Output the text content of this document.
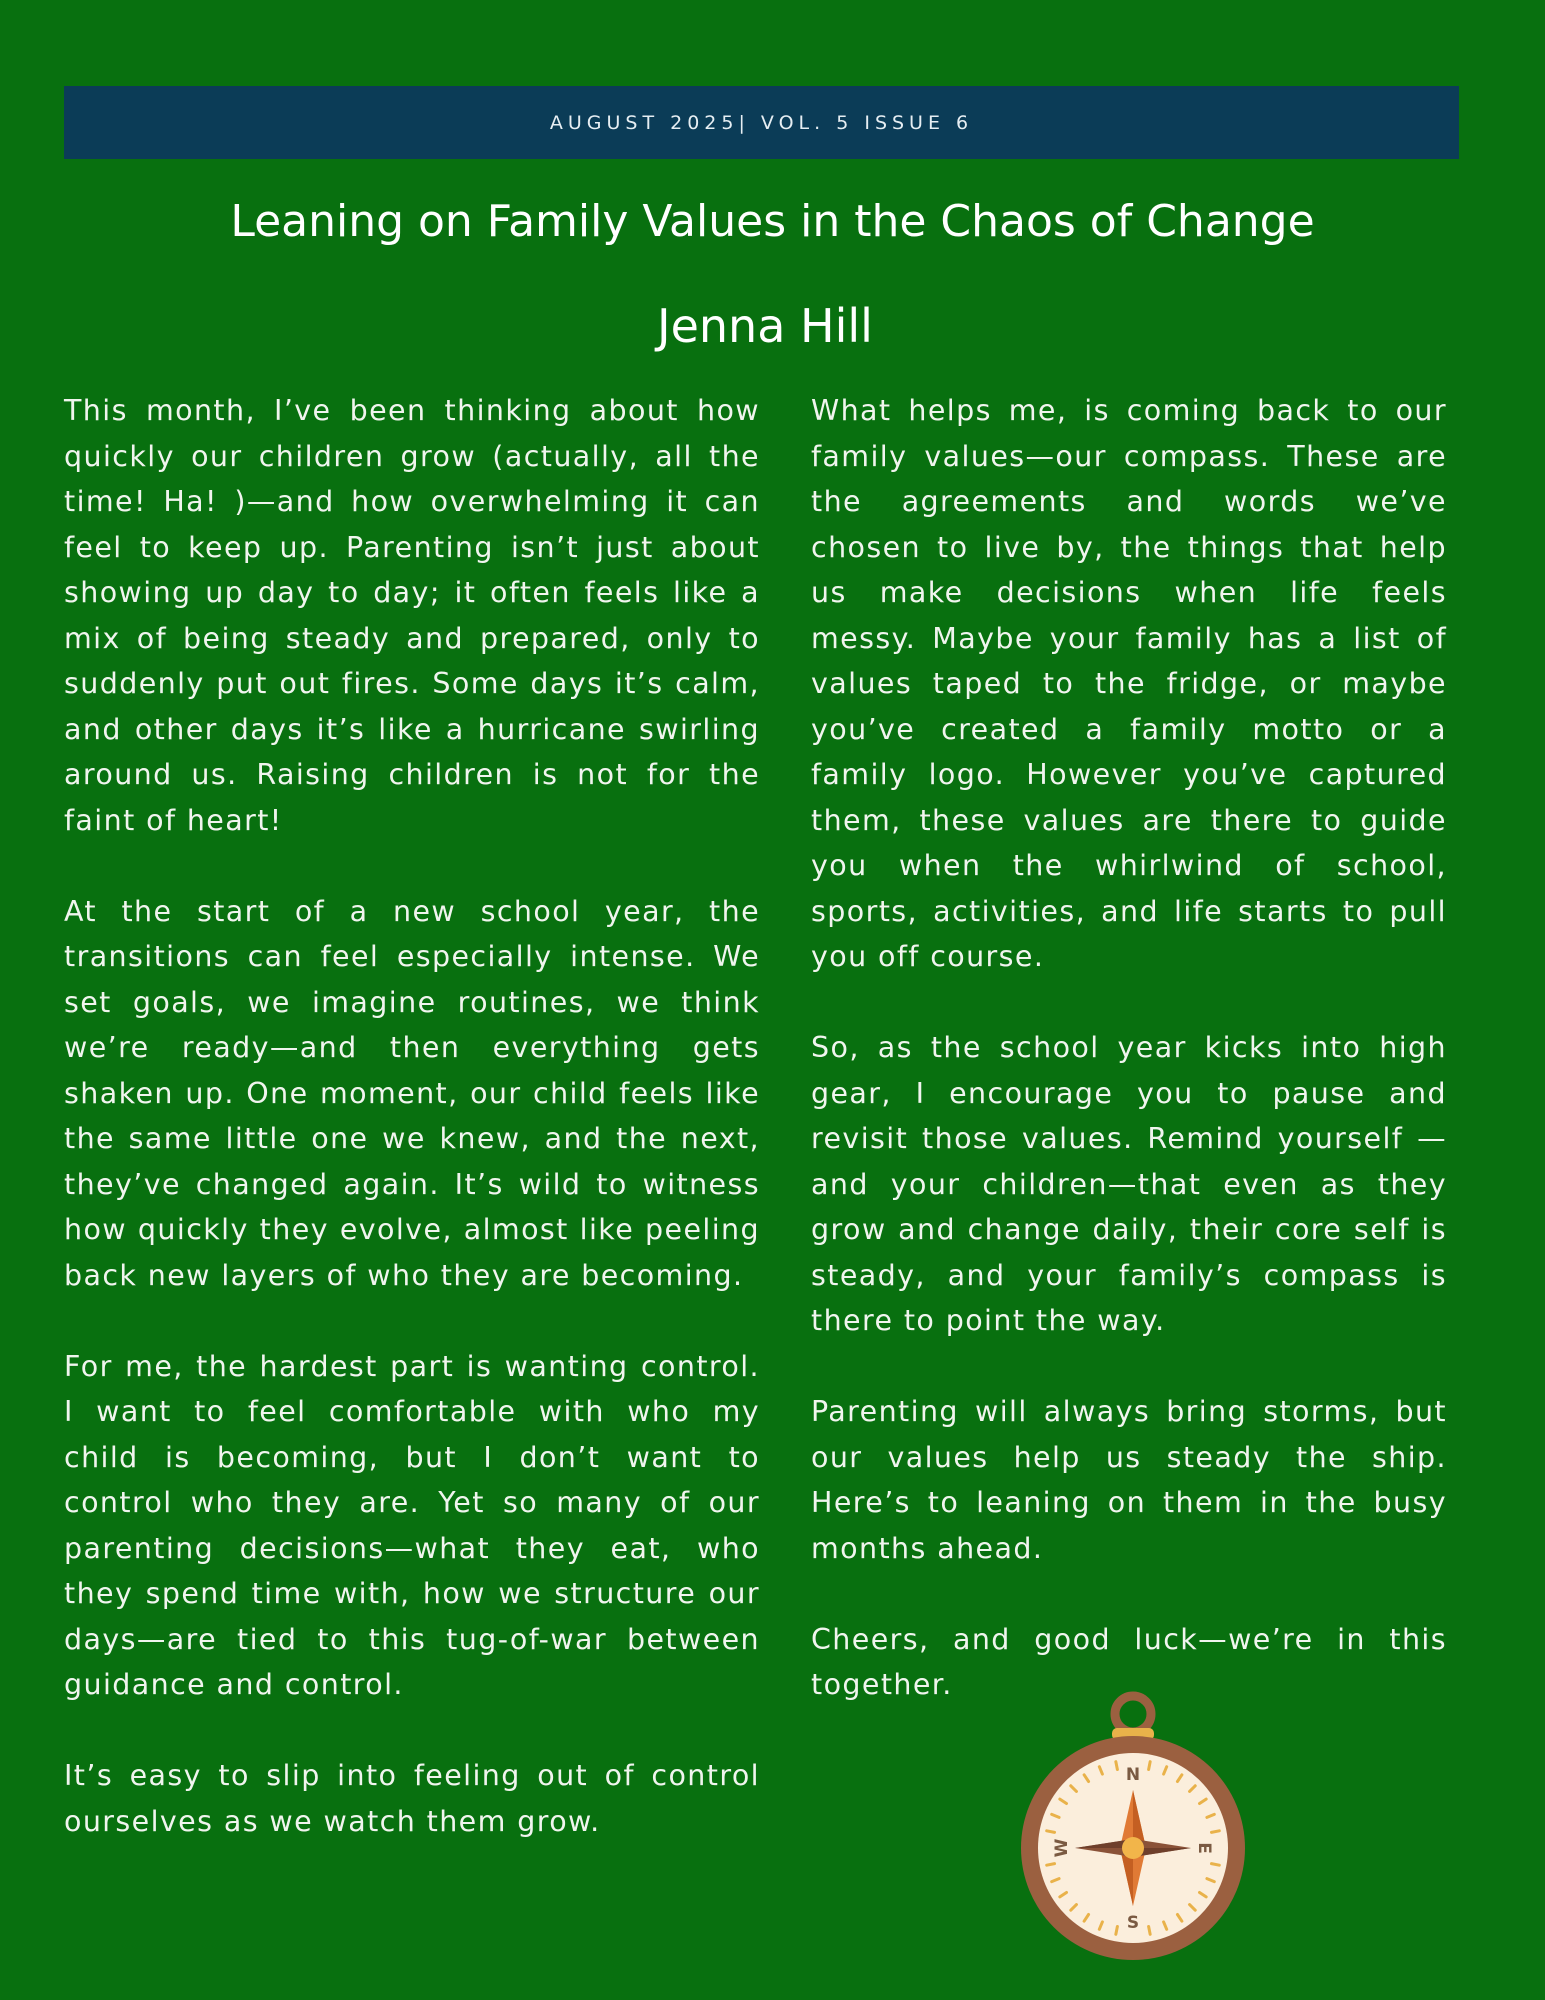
AUGUST 2025| VOL. 5 ISSUE 6
Leaning on Family Values in the Chaos of Change
Jenna Hill

This month, I’ve been thinking about how quickly our children grow (actually, all the time! Ha! )—and how overwhelming it can feel to keep up. Parenting isn’t just about showing up day to day; it often feels like a mix of being steady and prepared, only to suddenly put out fires. Some days it’s calm, and other days it’s like a hurricane swirling around us. Raising children is not for the faint of heart!

At the start of a new school year, the transitions can feel especially intense. We set goals, we imagine routines, we think we’re ready—and then everything gets shaken up. One moment, our child feels like the same little one we knew, and the next, they’ve changed again. It’s wild to witness how quickly they evolve, almost like peeling back new layers of who they are becoming.

For me, the hardest part is wanting control. I want to feel comfortable with who my child is becoming, but I don’t want to control who they are. Yet so many of our parenting decisions—what they eat, who they spend time with, how we structure our days—are tied to this tug-of-war between guidance and control.

It’s easy to slip into feeling out of control ourselves as we watch them grow.

What helps me, is coming back to our family values—our compass. These are the agreements and words we’ve chosen to live by, the things that help us make decisions when life feels messy. Maybe your family has a list of values taped to the fridge, or maybe you’ve created a family motto or a family logo. However you’ve captured them, these values are there to guide you when the whirlwind of school, sports, activities, and life starts to pull you off course.

So, as the school year kicks into high gear, I encourage you to pause and revisit those values. Remind yourself —and your children—that even as they grow and change daily, their core self is steady, and your family’s compass is there to point the way.

Parenting will always bring storms, but our values help us steady the ship. Here’s to leaning on them in the busy months ahead.

Cheers, and good luck—we’re in this together.

N
E
S
W
